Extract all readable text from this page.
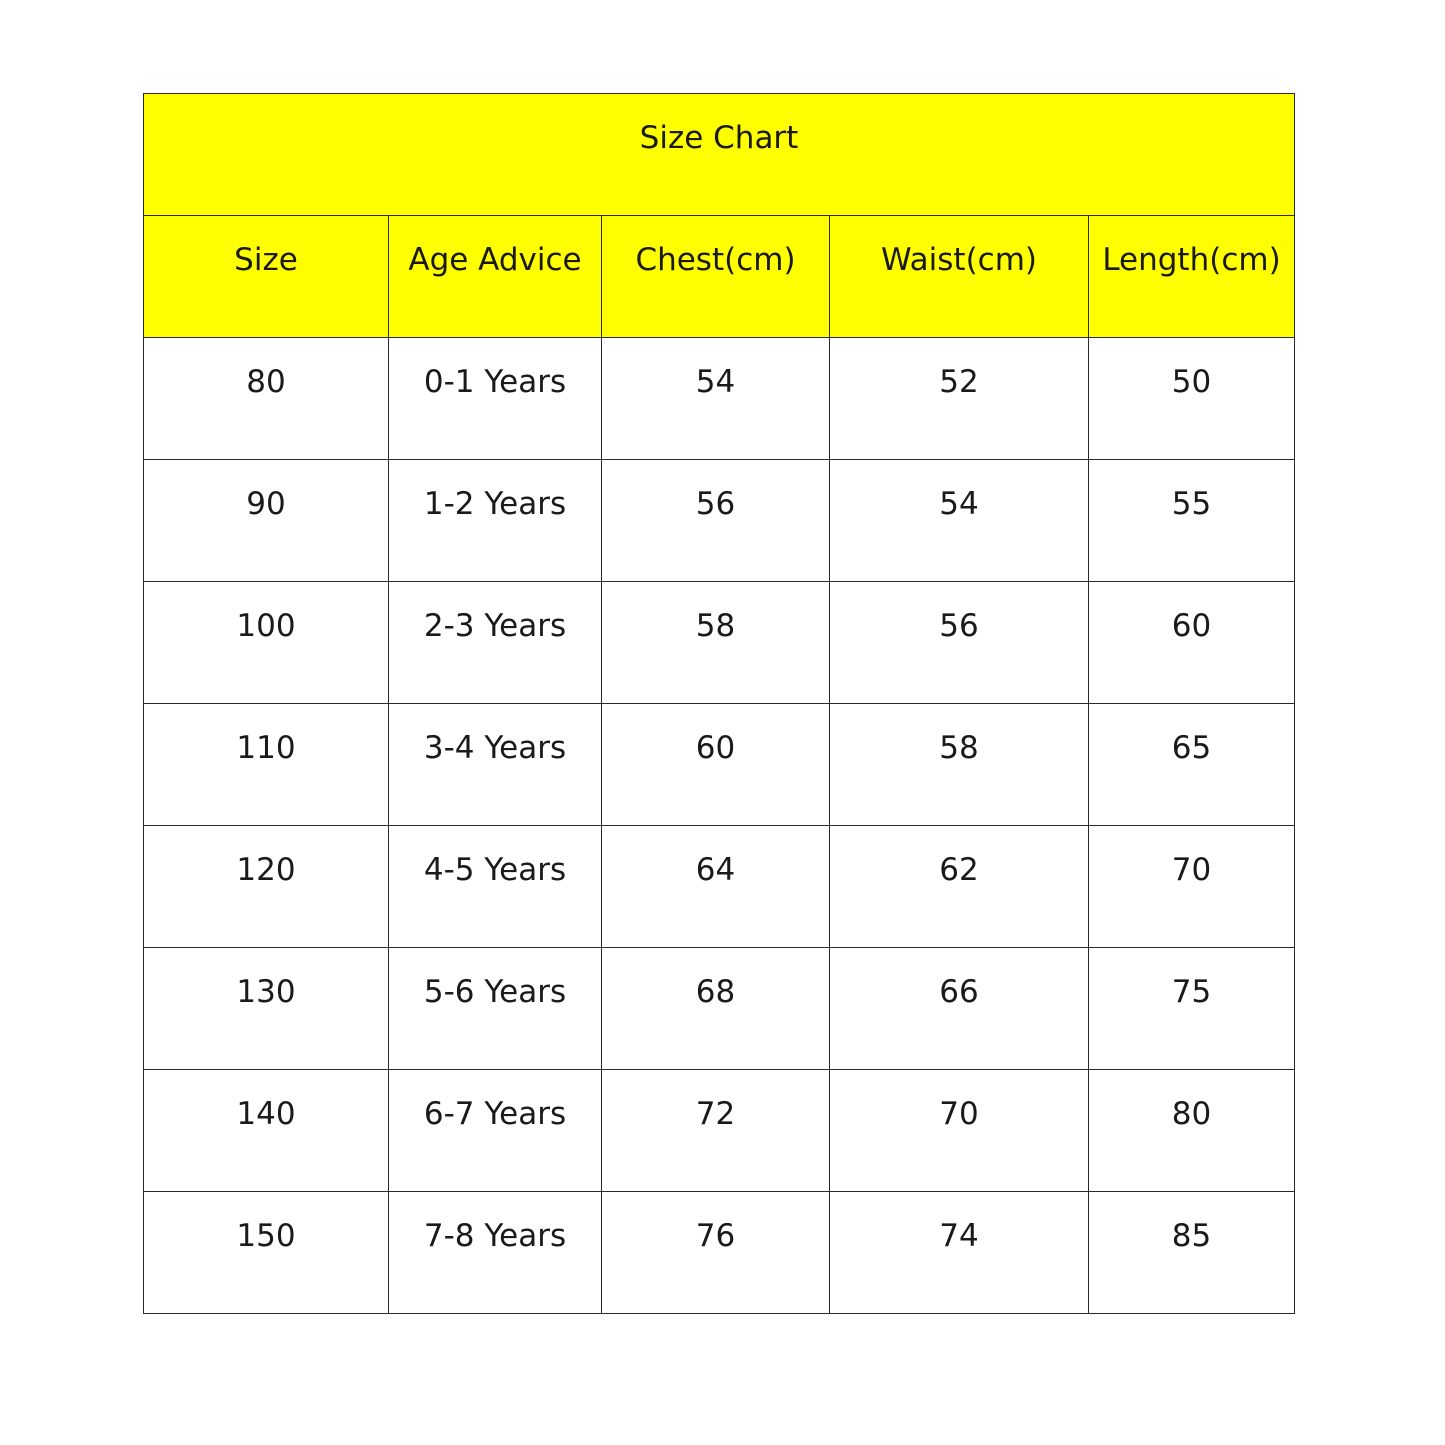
Size Chart				

Size	Age Advice	Chest(cm)	Waist(cm)	Length(cm)

80	0-1 Years	54	52	50

90	1-2 Years	56	54	55

100	2-3 Years	58	56	60

110	3-4 Years	60	58	65

120	4-5 Years	64	62	70

130	5-6 Years	68	66	75

140	6-7 Years	72	70	80

150	7-8 Years	76	74	85
